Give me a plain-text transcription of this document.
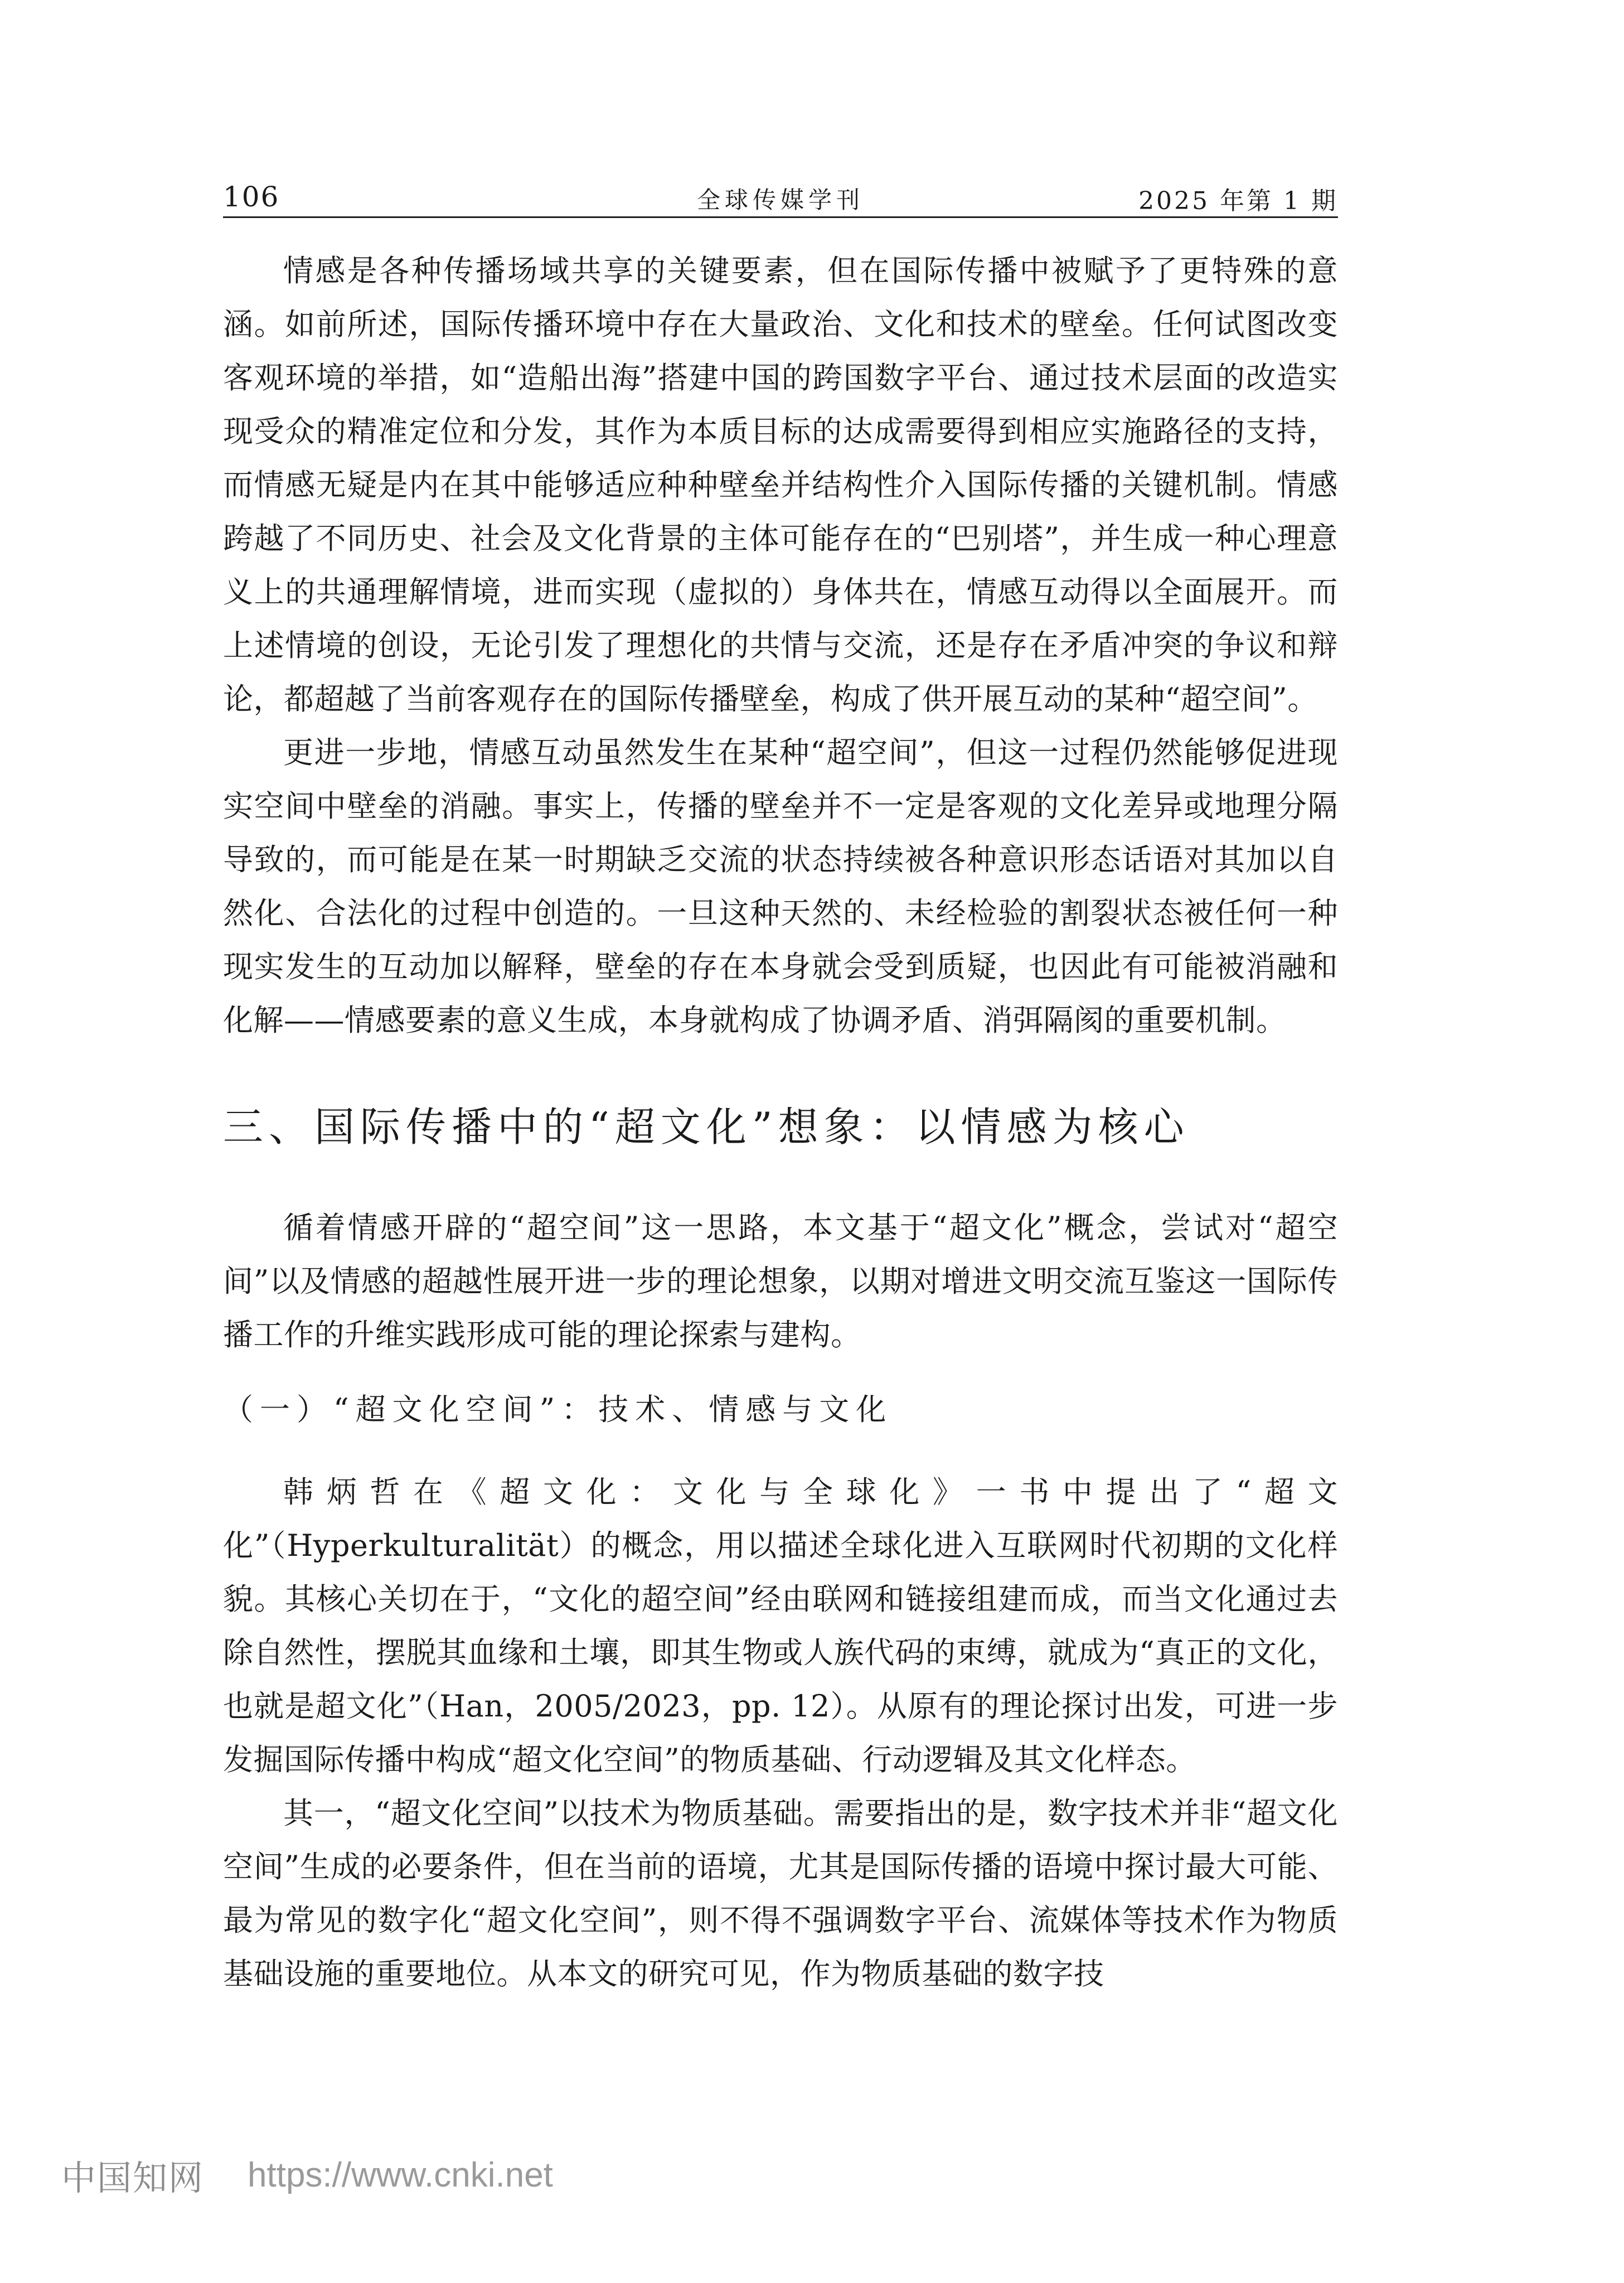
106	全球传媒学刊	2025 年第 1 期

情感是各种传播场域共享的关键要素，但在国际传播中被赋予了更特殊的意涵。如前所述，国际传播环境中存在大量政治、文化和技术的壁垒。任何试图改变客观环境的举措，如“造船出海”搭建中国的跨国数字平台、通过技术层面的改造实现受众的精准定位和分发，其作为本质目标的达成需要得到相应实施路径的支持，而情感无疑是内在其中能够适应种种壁垒并结构性介入国际传播的关键机制。情感跨越了不同历史、社会及文化背景的主体可能存在的“巴别塔”，并生成一种心理意义上的共通理解情境，进而实现（虚拟的）身体共在，情感互动得以全面展开。而上述情境的创设，无论引发了理想化的共情与交流，还是存在矛盾冲突的争议和辩论，都超越了当前客观存在的国际传播壁垒，构成了供开展互动的某种“超空间”。

更进一步地，情感互动虽然发生在某种“超空间”，但这一过程仍然能够促进现实空间中壁垒的消融。事实上，传播的壁垒并不一定是客观的文化差异或地理分隔导致的，而可能是在某一时期缺乏交流的状态持续被各种意识形态话语对其加以自然化、合法化的过程中创造的。一旦这种天然的、未经检验的割裂状态被任何一种现实发生的互动加以解释，壁垒的存在本身就会受到质疑，也因此有可能被消融和化解——情感要素的意义生成，本身就构成了协调矛盾、消弭隔阂的重要机制。

三、国际传播中的“超文化”想象：以情感为核心

循着情感开辟的“超空间”这一思路，本文基于“超文化”概念，尝试对“超空间”以及情感的超越性展开进一步的理论想象，以期对增进文明交流互鉴这一国际传播工作的升维实践形成可能的理论探索与建构。

（一）“超文化空间”：技术、情感与文化

韩炳哲在《超文化：文化与全球化》一书中提出了“超文化”（Hyperkulturalität）的概念，用以描述全球化进入互联网时代初期的文化样貌。其核心关切在于，“文化的超空间”经由联网和链接组建而成，而当文化通过去除自然性，摆脱其血缘和土壤，即其生物或人族代码的束缚，就成为“真正的文化，也就是超文化”（Han，2005/2023，pp. 12）。从原有的理论探讨出发，可进一步发掘国际传播中构成“超文化空间”的物质基础、行动逻辑及其文化样态。

其一，“超文化空间”以技术为物质基础。需要指出的是，数字技术并非“超文化空间”生成的必要条件，但在当前的语境，尤其是国际传播的语境中探讨最大可能、最为常见的数字化“超文化空间”，则不得不强调数字平台、流媒体等技术作为物质基础设施的重要地位。从本文的研究可见，作为物质基础的数字技

中国知网 https://www.cnki.net
